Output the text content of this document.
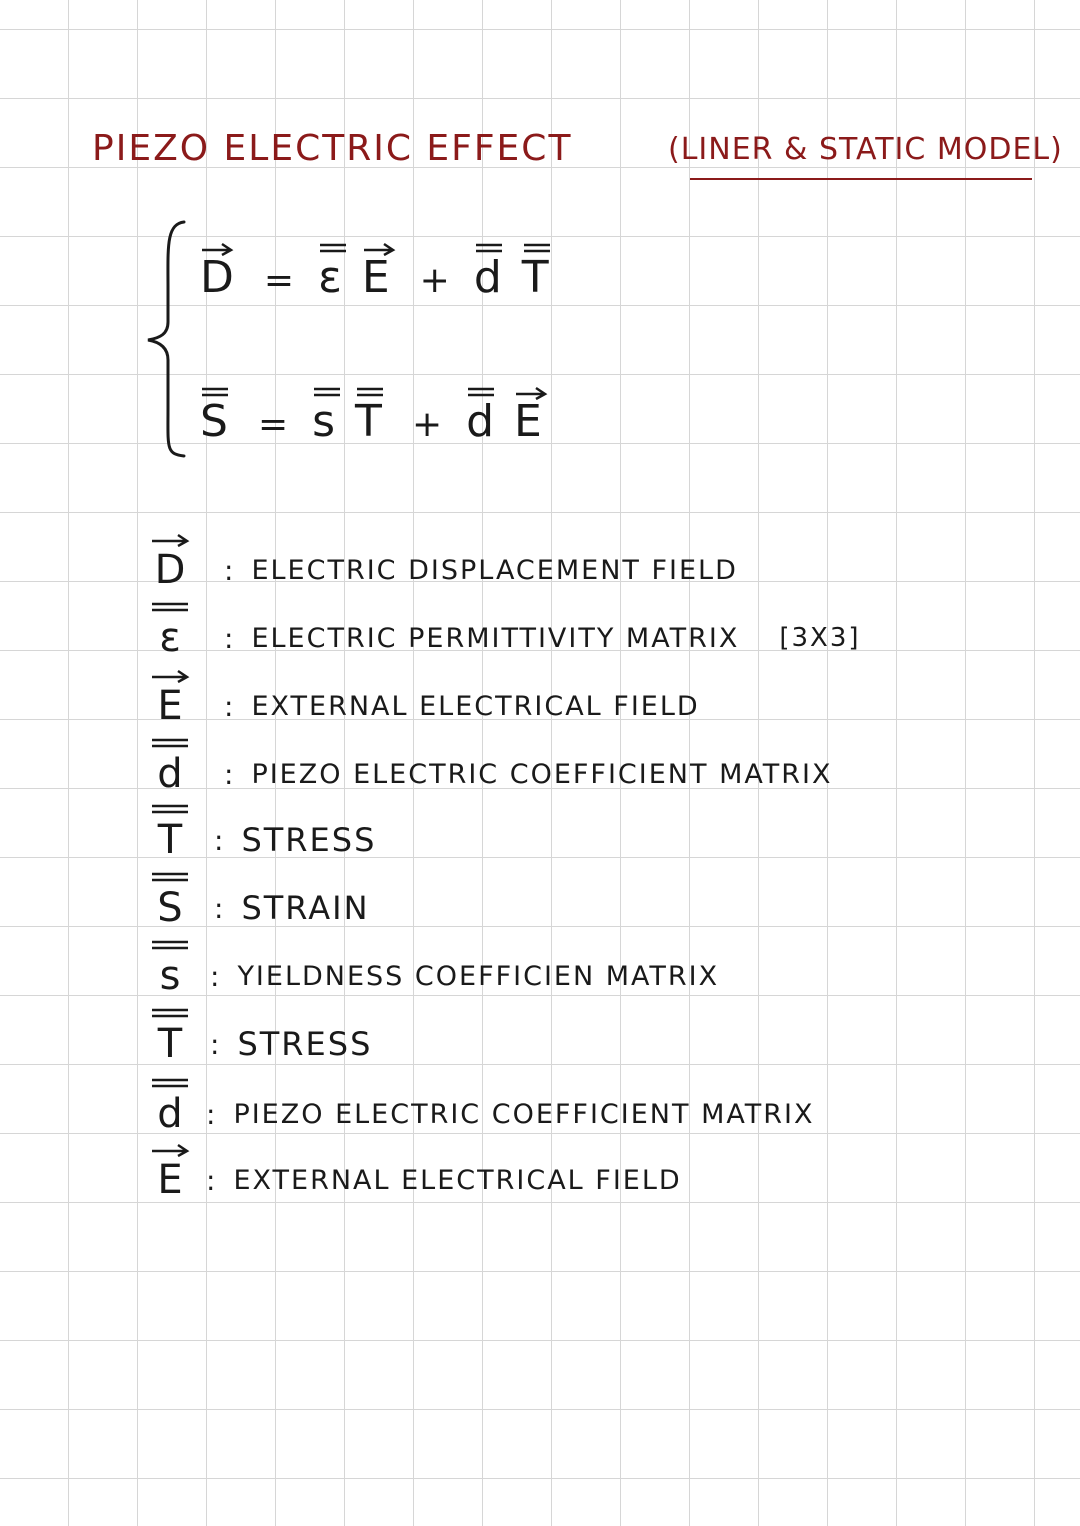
PIEZO ELECTRIC EFFECT	(LINER & STATIC MODEL)
D = ε E + d T
S = s T + d E
D	: ELECTRIC DISPLACEMENT FIELD
ε	: ELECTRIC PERMITTIVITY MATRIX [3X3]
E	: EXTERNAL ELECTRICAL FIELD
d	: PIEZO ELECTRIC COEFFICIENT MATRIX
T	: STRESS
S	: STRAIN
s	: YIELDNESS COEFFICIEN MATRIX
T : STRESS
d : PIEZO ELECTRIC COEFFICIENT MATRIX
E : EXTERNAL ELECTRICAL FIELD
